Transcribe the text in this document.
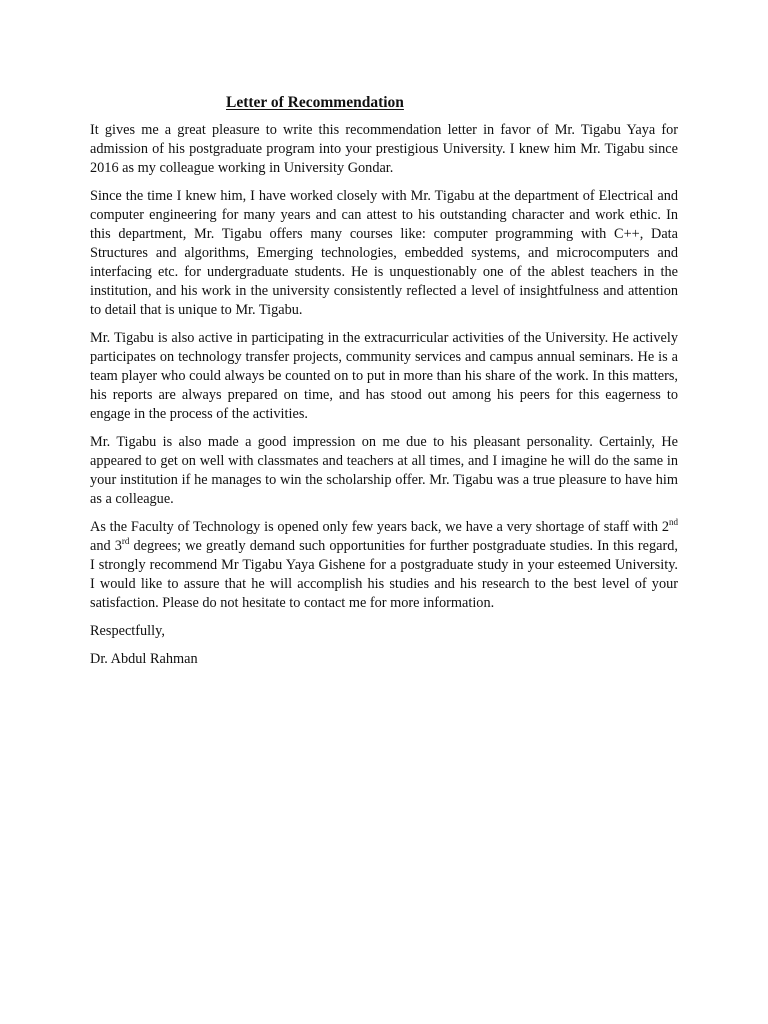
Letter of Recommendation

It gives me a great pleasure to write this recommendation letter in favor of Mr. Tigabu Yaya for admission of his postgraduate program into your prestigious University. I knew him Mr. Tigabu since 2016 as my colleague working in University Gondar.

Since the time I knew him, I have worked closely with Mr. Tigabu at the department of Electrical and computer engineering for many years and can attest to his outstanding character and work ethic. In this department, Mr. Tigabu offers many courses like: computer programming with C++, Data Structures and algorithms, Emerging technologies, embedded systems, and microcomputers and interfacing etc. for undergraduate students. He is unquestionably one of the ablest teachers in the institution, and his work in the university consistently reflected a level of insightfulness and attention to detail that is unique to Mr. Tigabu.

Mr. Tigabu is also active in participating in the extracurricular activities of the University. He actively participates on technology transfer projects, community services and campus annual seminars. He is a team player who could always be counted on to put in more than his share of the work. In this matters, his reports are always prepared on time, and has stood out among his peers for this eagerness to engage in the process of the activities.

Mr. Tigabu is also made a good impression on me due to his pleasant personality. Certainly, He appeared to get on well with classmates and teachers at all times, and I imagine he will do the same in your institution if he manages to win the scholarship offer. Mr. Tigabu was a true pleasure to have him as a colleague.

As the Faculty of Technology is opened only few years back, we have a very shortage of staff with 2nd and 3rd degrees; we greatly demand such opportunities for further postgraduate studies. In this regard, I strongly recommend Mr Tigabu Yaya Gishene for a postgraduate study in your esteemed University. I would like to assure that he will accomplish his studies and his research to the best level of your satisfaction. Please do not hesitate to contact me for more information.

Respectfully,

Dr. Abdul Rahman
